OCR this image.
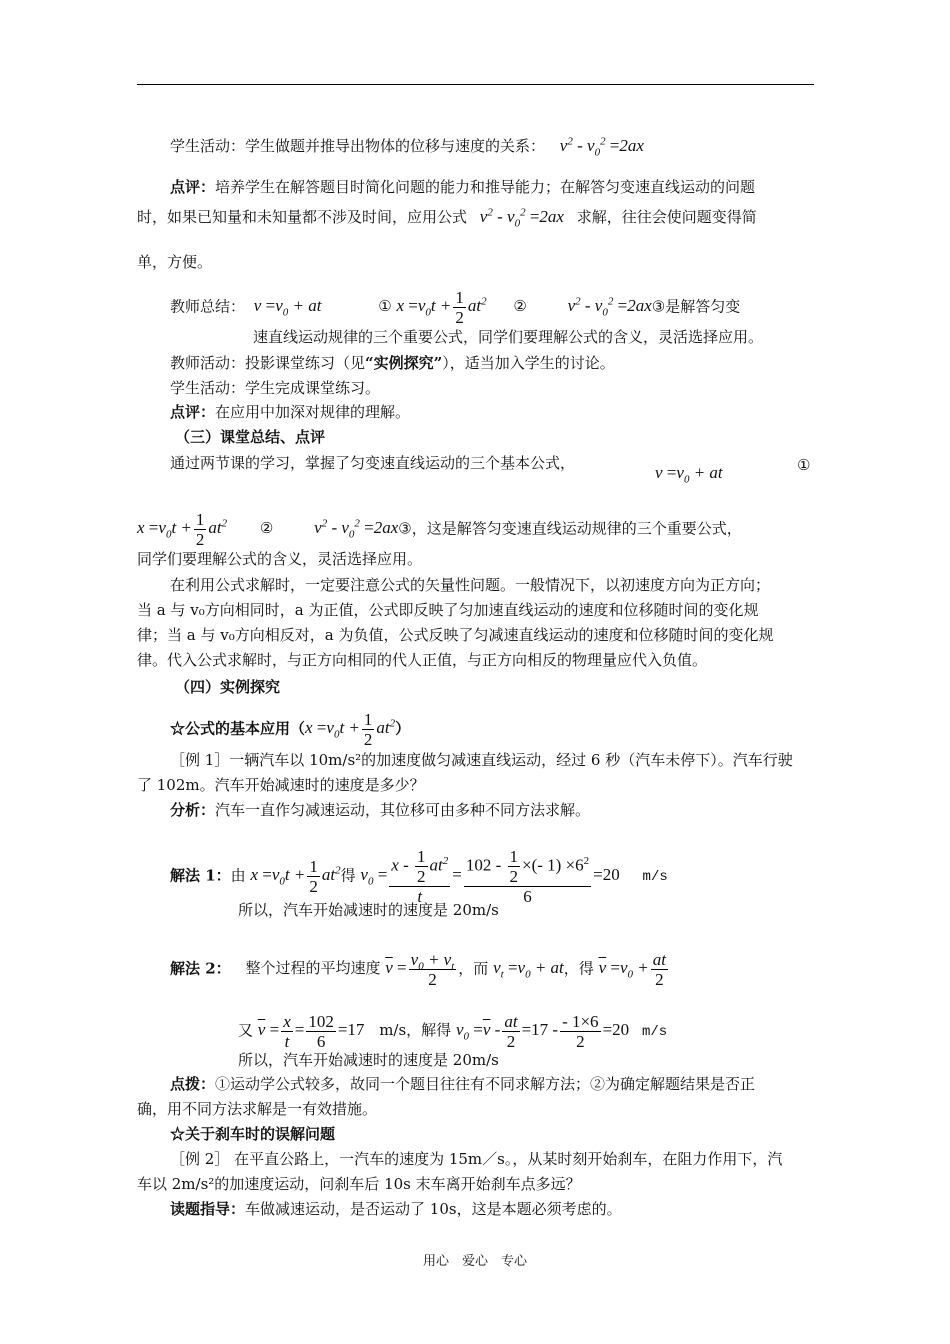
学生活动：学生做题并推导出物体的位移与速度的关系： $v^2 - v_0^2 =2ax$
点评：培养学生在解答题目时简化问题的能力和推导能力；在解答匀变速直线运动的问题
时，如果已知量和未知量都不涉及时间，应用公式 $v^2 - v_0^2 =2ax$ 求解，往往会使问题变得简
单，方便。
教师总结： $v =v_0$ + at	① $x =v_0t + \frac{1}{2} at^2$ ② $v^2 - v_0^2$ =2ax③是解答匀变
速直线运动规律的三个重要公式，同学们要理解公式的含义，灵活选择应用。
教师活动：投影课堂练习（见“实例探究”），适当加入学生的讨论。
学生活动：学生完成课堂练习。
点评：在应用中加深对规律的理解。
（三）课堂总结、点评
通过两节课的学习，掌握了匀变速直线运动的三个基本公式，	$v =v_0$ + at	①
$x =v_0t + \frac{1}{2} at^2$ ② $v^2 - v_0^2$ =2ax③，这是解答匀变速直线运动规律的三个重要公式，
同学们要理解公式的含义，灵活选择应用。
在利用公式求解时，一定要注意公式的矢量性问题。一般情况下，以初速度方向为正方向；
当 a 与 v₀方向相同时，a 为正值，公式即反映了匀加速直线运动的速度和位移随时间的变化规
律；当 a 与 v₀方向相反对，a 为负值，公式反映了匀减速直线运动的速度和位移随时间的变化规
律。代入公式求解时，与正方向相同的代人正值，与正方向相反的物理量应代入负值。
（四）实例探究
☆公式的基本应用$(x =v_0t + \frac{1}{2} at^2)$
［例 1］一辆汽车以 10m/s²的加速度做匀减速直线运动，经过 6 秒（汽车未停下）。汽车行驶
了 102m。汽车开始减速时的速度是多少？
分析：汽车一直作匀减速运动，其位移可由多种不同方法求解。
解法 1：由 $x =v_0t + \frac{1}{2} at^2$得 $v_0 = \frac{x - \frac{1}{2} at^2}{t} = \frac{102 - \frac{1}{2} \times(- 1) \times 6^2}{6} =20$ m/s
所以，汽车开始减速时的速度是 20m/s
解法 2： 整个过程的平均速度 $\overline{v} = \frac{v_0 + v_t}{2}$ ，而 $v_t =v_0$ + at，得 $\overline{v} =v_0 + \frac{at}{2}$
又 $\overline{v} = \frac{x}{t} = \frac{102}{6} =17$ m/s，解得 $v_0 =\overline{v} - \frac{at}{2} =17 - \frac{- 1\times 6}{2} =20$ m/s
所以，汽车开始减速时的速度是 20m/s
点拨：①运动学公式较多，故同一个题目往往有不同求解方法；②为确定解题结果是否正
确，用不同方法求解是一有效措施。
☆关于刹车时的误解问题
［例 2］ 在平直公路上，一汽车的速度为 15m／s。，从某时刻开始刹车，在阻力作用下，汽
车以 2m/s²的加速度运动，问刹车后 10s 末车离开始刹车点多远？
读题指导：车做减速运动，是否运动了 10s，这是本题必须考虑的。
用心　爱心　专心
